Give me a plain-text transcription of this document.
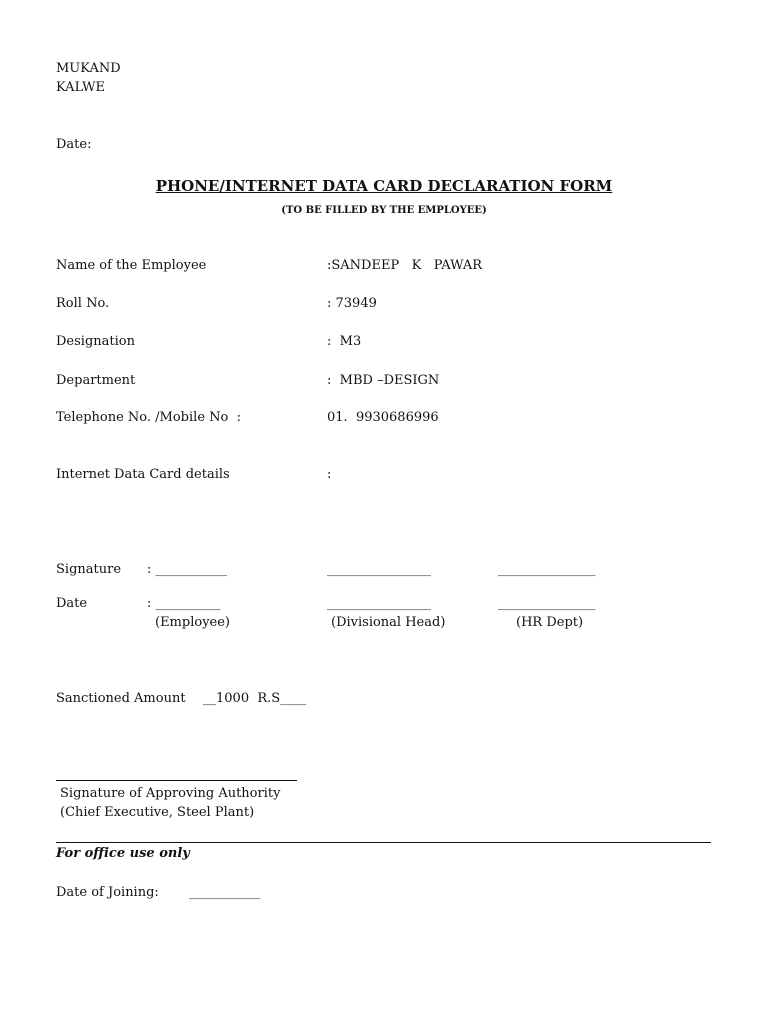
MUKAND
KALWE
Date:
PHONE/INTERNET DATA CARD DECLARATION FORM
(TO BE FILLED BY THE EMPLOYEE)
Name of the Employee	:SANDEEP   K   PAWAR
Roll No.	: 73949
Designation	:  M3
Department	:  MBD –DESIGN
Telephone No. /Mobile No  :	01.  9930686996
Internet Data Card details	:
Signature : ___________	________________	_______________
Date	: __________	________________	_______________
(Employee)	(Divisional Head)	(HR Dept)
Sanctioned Amount __1000  R.S____
Signature of Approving Authority
(Chief Executive, Steel Plant)
For office use only
Date of Joining: ___________
